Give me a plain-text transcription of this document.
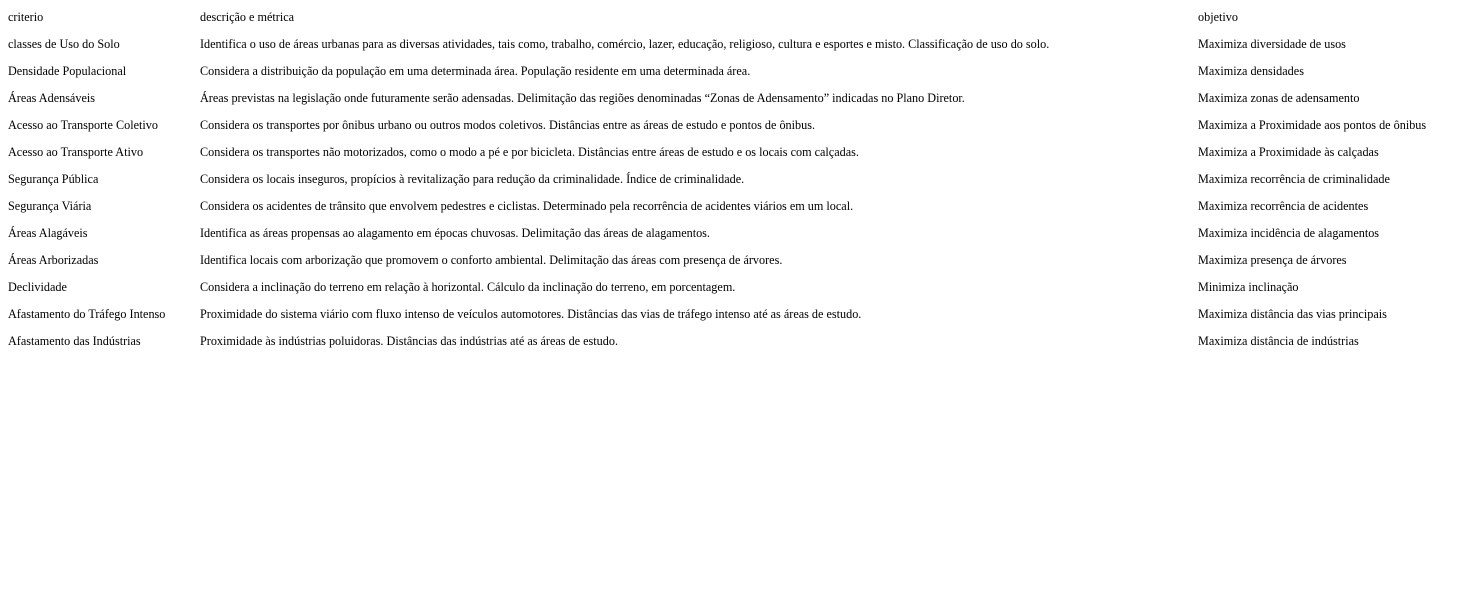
criterio	descrição e métrica	objetivo
classes de Uso do Solo	Identifica o uso de áreas urbanas para as diversas atividades, tais como, trabalho, comércio, lazer, educação, religioso, cultura e esportes e misto. Classificação de uso do solo.	Maximiza diversidade de usos
Densidade Populacional	Considera a distribuição da população em uma determinada área. População residente em uma determinada área.	Maximiza densidades
Áreas Adensáveis	Áreas previstas na legislação onde futuramente serão adensadas. Delimitação das regiões denominadas “Zonas de Adensamento” indicadas no Plano Diretor.	Maximiza zonas de adensamento
Acesso ao Transporte Coletivo	Considera os transportes por ônibus urbano ou outros modos coletivos. Distâncias entre as áreas de estudo e pontos de ônibus.	Maximiza a Proximidade aos pontos de ônibus
Acesso ao Transporte Ativo	Considera os transportes não motorizados, como o modo a pé e por bicicleta. Distâncias entre áreas de estudo e os locais com calçadas.	Maximiza a Proximidade às calçadas
Segurança Pública	Considera os locais inseguros, propícios à revitalização para redução da criminalidade. Índice de criminalidade.	Maximiza recorrência de criminalidade
Segurança Viária	Considera os acidentes de trânsito que envolvem pedestres e ciclistas. Determinado pela recorrência de acidentes viários em um local.	Maximiza recorrência de acidentes
Áreas Alagáveis	Identifica as áreas propensas ao alagamento em épocas chuvosas. Delimitação das áreas de alagamentos.	Maximiza incidência de alagamentos
Áreas Arborizadas	Identifica locais com arborização que promovem o conforto ambiental. Delimitação das áreas com presença de árvores.	Maximiza presença de árvores
Declividade	Considera a inclinação do terreno em relação à horizontal. Cálculo da inclinação do terreno, em porcentagem.	Minimiza inclinação
Afastamento do Tráfego Intenso	Proximidade do sistema viário com fluxo intenso de veículos automotores. Distâncias das vias de tráfego intenso até as áreas de estudo.	Maximiza distância das vias principais
Afastamento das Indústrias	Proximidade às indústrias poluidoras. Distâncias das indústrias até as áreas de estudo.	Maximiza distância de indústrias
